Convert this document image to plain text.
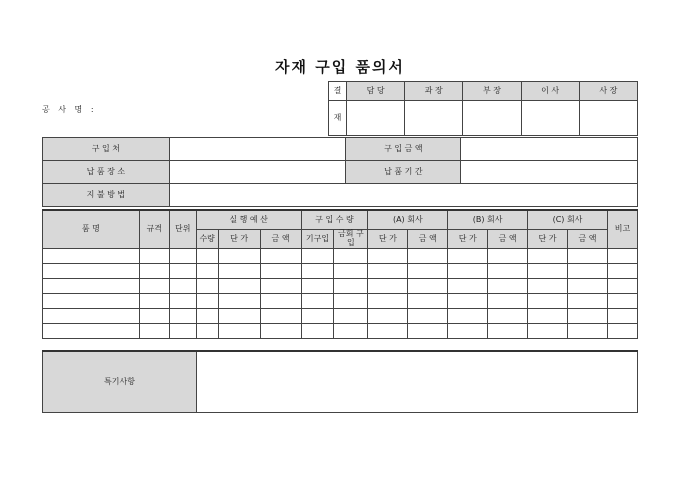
자재 구입 품의서
공 사 명 :
결	담 당	과 장	부 장	이 사	사 장
재					
구 입 처		구 입 금 액	
납 품 장 소		납 품 기 간	
지 불 방 법			
품 명	규격	단위	실 행 예 산			구 입 수 량		(A) 회사		(B) 회사		(C) 회사		비고
			수량	단 가	금 액	기구입	금회 구입	단 가	금 액	단 가	금 액	단 가	금 액	

특기사항	
